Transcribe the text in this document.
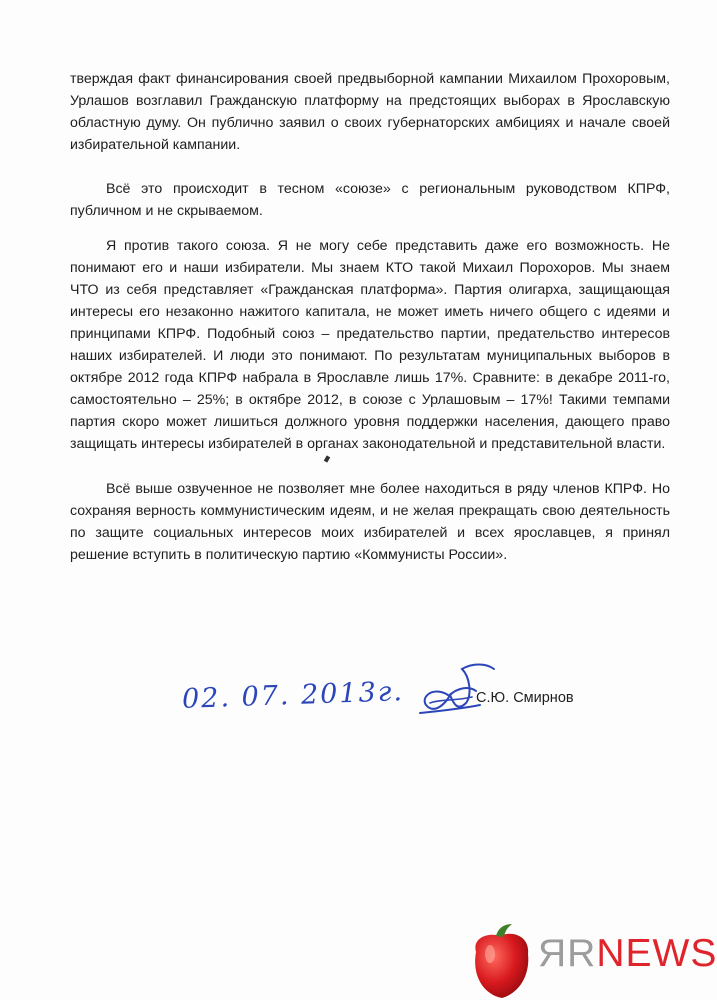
тверждая факт финансирования своей предвыборной кампании Михаилом Прохоровым, Урлашов возглавил Гражданскую платформу на предстоящих выборах в Ярославскую областную думу. Он публично заявил о своих губернаторских амбициях и начале своей избирательной кампании.

Всё это происходит в тесном «союзе» с региональным руководством КПРФ, публичном и не скрываемом.

Я против такого союза. Я не могу себе представить даже его возможность. Не понимают его и наши избиратели. Мы знаем КТО такой Михаил Порохоров. Мы знаем ЧТО из себя представляет «Гражданская платформа». Партия олигарха, защищающая интересы его незаконно нажитого капитала, не может иметь ничего общего с идеями и принципами КПРФ. Подобный союз – предательство партии, предательство интересов наших избирателей. И люди это понимают. По результатам муниципальных выборов в октябре 2012 года КПРФ набрала в Ярославле лишь 17%. Сравните: в декабре 2011-го, самостоятельно – 25%; в октябре 2012, в союзе с Урлашовым – 17%! Такими темпами партия скоро может лишиться должного уровня поддержки населения, дающего право защищать интересы избирателей в органах законодательной и представительной власти.

Всё выше озвученное не позволяет мне более находиться в ряду членов КПРФ. Но сохраняя верность коммунистическим идеям, и не желая прекращать свою деятельность по защите социальных интересов моих избирателей и всех ярославцев, я принял решение вступить в политическую партию «Коммунисты России».

02. 07. 2013г.	С.Ю. Смирнов
ЯRNEWS
